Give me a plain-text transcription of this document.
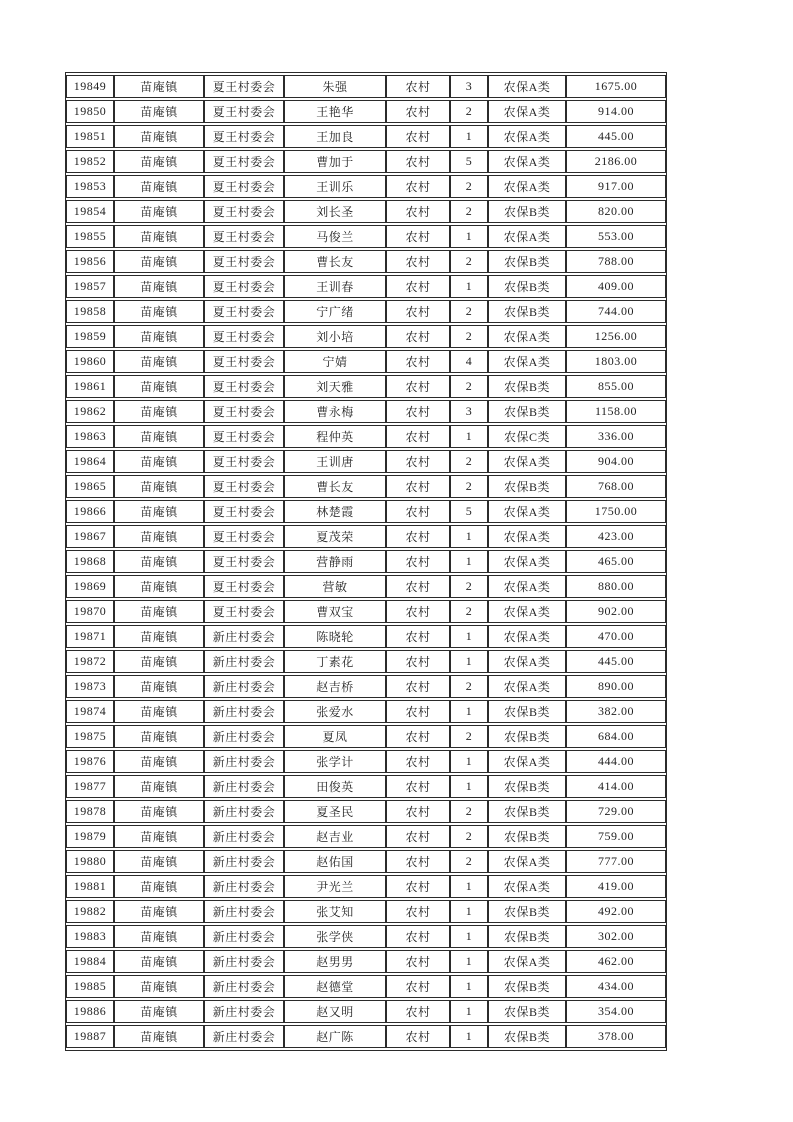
19849	苗庵镇	夏王村委会	朱强	农村	3	农保A类	1675.00
19850	苗庵镇	夏王村委会	王艳华	农村	2	农保A类	914.00
19851	苗庵镇	夏王村委会	王加良	农村	1	农保A类	445.00
19852	苗庵镇	夏王村委会	曹加于	农村	5	农保A类	2186.00
19853	苗庵镇	夏王村委会	王训乐	农村	2	农保A类	917.00
19854	苗庵镇	夏王村委会	刘长圣	农村	2	农保B类	820.00
19855	苗庵镇	夏王村委会	马俊兰	农村	1	农保A类	553.00
19856	苗庵镇	夏王村委会	曹长友	农村	2	农保B类	788.00
19857	苗庵镇	夏王村委会	王训春	农村	1	农保B类	409.00
19858	苗庵镇	夏王村委会	宁广绪	农村	2	农保B类	744.00
19859	苗庵镇	夏王村委会	刘小培	农村	2	农保A类	1256.00
19860	苗庵镇	夏王村委会	宁婧	农村	4	农保A类	1803.00
19861	苗庵镇	夏王村委会	刘天雅	农村	2	农保B类	855.00
19862	苗庵镇	夏王村委会	曹永梅	农村	3	农保B类	1158.00
19863	苗庵镇	夏王村委会	程仲英	农村	1	农保C类	336.00
19864	苗庵镇	夏王村委会	王训唐	农村	2	农保A类	904.00
19865	苗庵镇	夏王村委会	曹长友	农村	2	农保B类	768.00
19866	苗庵镇	夏王村委会	林楚霞	农村	5	农保A类	1750.00
19867	苗庵镇	夏王村委会	夏茂荣	农村	1	农保A类	423.00
19868	苗庵镇	夏王村委会	营静雨	农村	1	农保A类	465.00
19869	苗庵镇	夏王村委会	营敏	农村	2	农保A类	880.00
19870	苗庵镇	夏王村委会	曹双宝	农村	2	农保A类	902.00
19871	苗庵镇	新庄村委会	陈晓轮	农村	1	农保A类	470.00
19872	苗庵镇	新庄村委会	丁素花	农村	1	农保A类	445.00
19873	苗庵镇	新庄村委会	赵吉桥	农村	2	农保A类	890.00
19874	苗庵镇	新庄村委会	张爱水	农村	1	农保B类	382.00
19875	苗庵镇	新庄村委会	夏凤	农村	2	农保B类	684.00
19876	苗庵镇	新庄村委会	张学计	农村	1	农保A类	444.00
19877	苗庵镇	新庄村委会	田俊英	农村	1	农保B类	414.00
19878	苗庵镇	新庄村委会	夏圣民	农村	2	农保B类	729.00
19879	苗庵镇	新庄村委会	赵吉业	农村	2	农保B类	759.00
19880	苗庵镇	新庄村委会	赵佑国	农村	2	农保A类	777.00
19881	苗庵镇	新庄村委会	尹光兰	农村	1	农保A类	419.00
19882	苗庵镇	新庄村委会	张艾知	农村	1	农保B类	492.00
19883	苗庵镇	新庄村委会	张学侠	农村	1	农保B类	302.00
19884	苗庵镇	新庄村委会	赵男男	农村	1	农保A类	462.00
19885	苗庵镇	新庄村委会	赵德堂	农村	1	农保B类	434.00
19886	苗庵镇	新庄村委会	赵又明	农村	1	农保B类	354.00
19887	苗庵镇	新庄村委会	赵广陈	农村	1	农保B类	378.00
